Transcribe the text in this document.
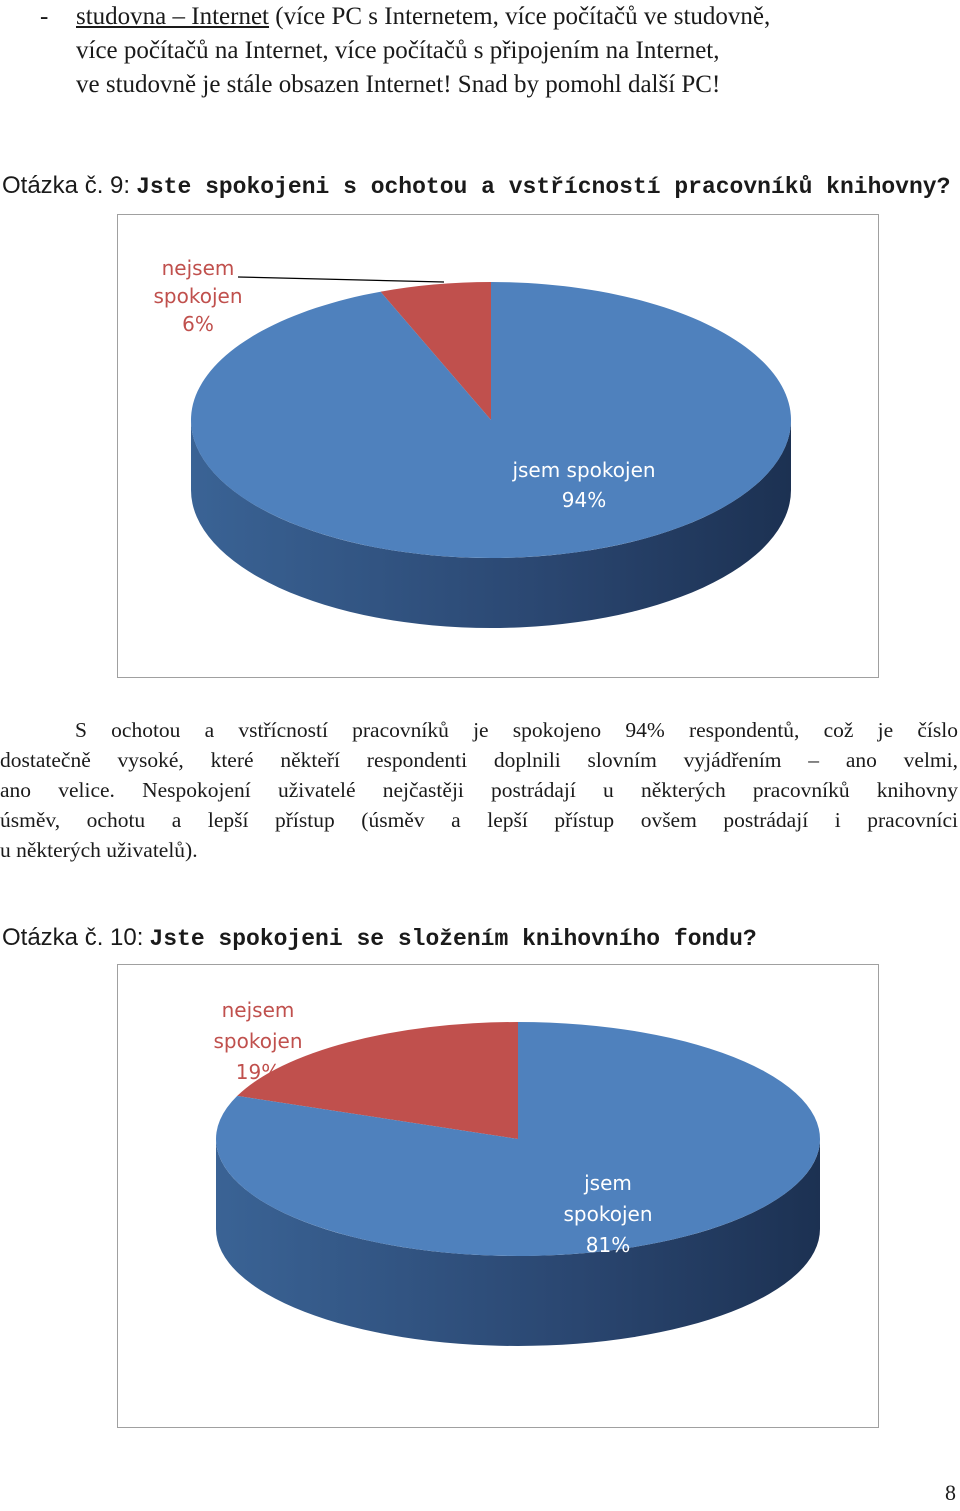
- studovna – Internet (více PC s Internetem, více počítačů ve studovně,
více počítačů na Internet, více počítačů s připojením na Internet,
ve studovně je stále obsazen Internet! Snad by pomohl další PC!
Otázka č. 9: Jste spokojeni s ochotou a vstřícností pracovníků knihovny?
nejsem spokojen 6%
jsem spokojen 94%
S ochotou a vstřícností pracovníků je spokojeno 94% respondentů, což je číslo
dostatečně vysoké, které někteří respondenti doplnili slovním vyjádřením – ano velmi,
ano velice. Nespokojení uživatelé nejčastěji postrádají u některých pracovníků knihovny
úsměv, ochotu a lepší přístup (úsměv a lepší přístup ovšem postrádají i pracovníci
u některých uživatelů).
Otázka č. 10: Jste spokojeni se složením knihovního fondu?
nejsem spokojen 19%
jsem spokojen 81%
8
